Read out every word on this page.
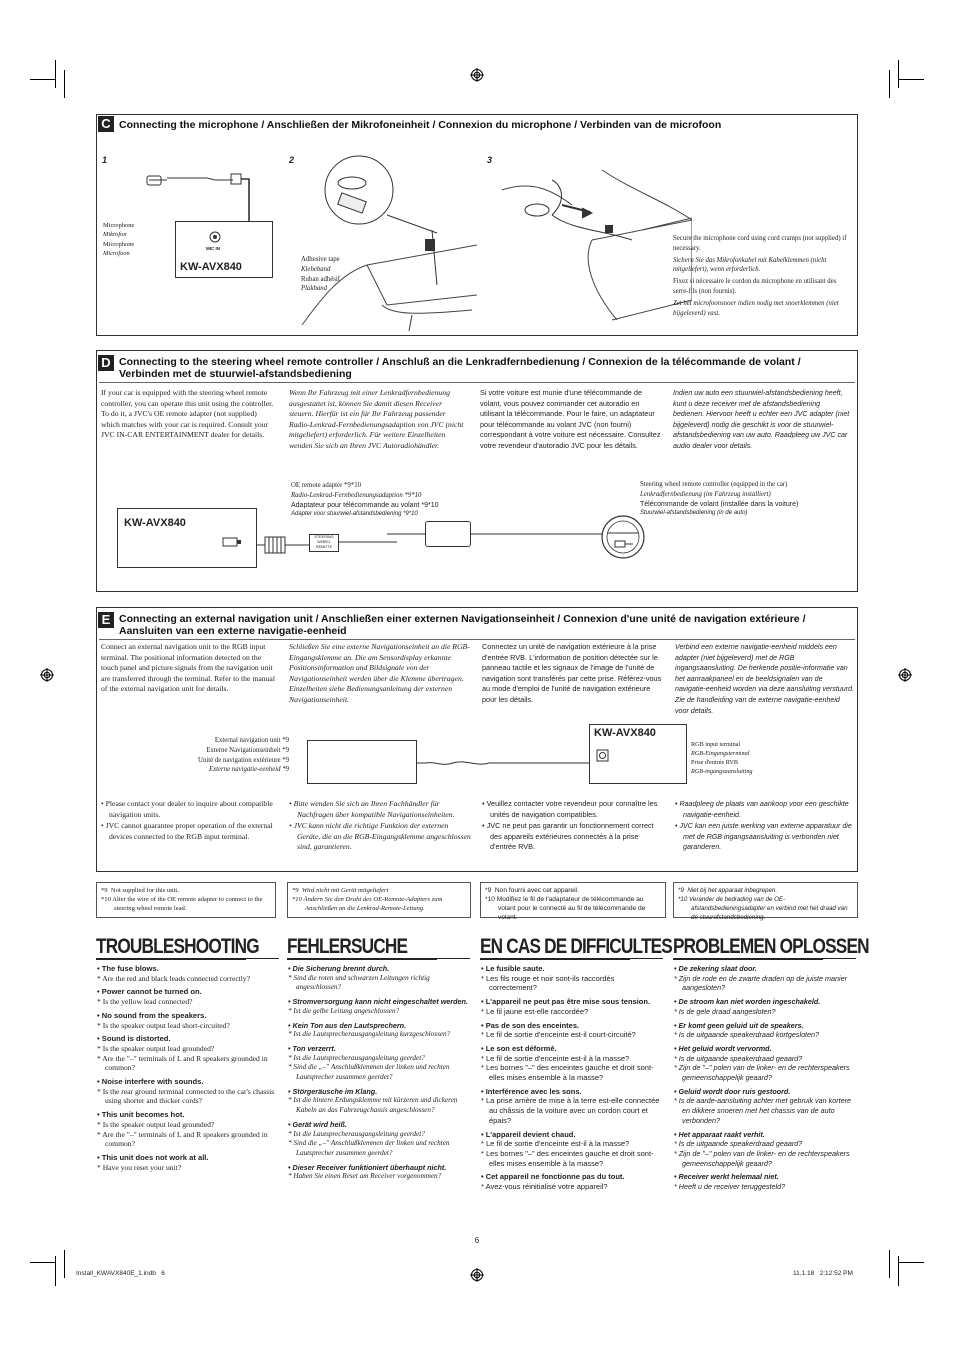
C Connecting the microphone / Anschließen der Mikrofoneinheit / Connexion du microphone / Verbinden van de microfoon
1	2	3
Microphone
Mikrofon
Microphone
Microfoon
MIC IN
KW-AVX840
Adhesive tape
Klebeband
Ruban adhésif
Plakband
Secure the microphone cord using cord cramps (not supplied) if necessary.
Sichern Sie das Mikrofonkabel mit Kabelklemmen (nicht mitgeliefert), wenn erforderlich.
Fixez si nécessaire le cordon du microphone en utilisant des serre-fils (non fournis).
Zet het microfoonsnoer indien nodig met snoerklemmen (niet bijgeleverd) vast.
D Connecting to the steering wheel remote controller / Anschluß an die Lenkradfernbedienung / Connexion de la télécommande de volant /
Verbinden met de stuurwiel-afstandsbediening
If your car is equipped with the steering wheel remote controller, you can operate this unit using the controller. To do it, a JVC's OE remote adapter (not supplied) which matches with your car is required. Consult your JVC IN-CAR ENTERTAINMENT dealer for details.
Wenn Ihr Fahrzeug mit einer Lenkradfernbedienung ausgestattet ist, können Sie damit diesen Receiver steuern. Hierfür ist ein für Ihr Fahrzeug passender Radio-Lenkrad-Fernbedienungsadaption von JVC (nicht mitgeliefert) erforderlich. Für weitere Einzelheiten wenden Sie sich an Ihren JVC Autoradiohändler.
Si votre voiture est munie d'une télécommande de volant, vous pouvez commander cet autoradio en utilisant la télécommande. Pour le faire, un adaptateur pour télécommande au volant JVC (non fourni) correspondant à votre voiture est nécessaire. Consultez votre revendeur d'autoradio JVC pour les détails.
Indien uw auto een stuurwiel-afstandsbediening heeft, kunt u deze receiver met de afstandsbediening bedienen. Hiervoor heeft u echter een JVC adapter (niet bijgeleverd) nodig die geschikt is voor de stuurwiel-afstandsbediening van uw auto. Raadpleeg uw JVC car audio dealer voor details.
KW-AVX840
STEERING
WHEEL
REMOTE
OE remote adapter *9*10
Radio-Lenkrad-Fernbedienungsadaption *9*10
Adaptateur pour télécommande au volant *9*10
Adapter voor stuurwiel-afstandsbediening *9*10
Steering wheel remote controller (equipped in the car)
Lenkradfernbedienung (im Fahrzeug installiert)
Télécommande de volant (installée dans la voiture)
Stuurwiel-afstandsbediening (in de auto)
E Connecting an external navigation unit / Anschließen einer externen Navigationseinheit / Connexion d'une unité de navigation extérieure /
Aansluiten van een externe navigatie-eenheid
Connect an external navigation unit to the RGB input terminal. The positional information detected on the touch panel and picture signals from the navigation unit are transferred through the terminal. Refer to the manual of the external navigation unit for details.
Schließen Sie eine externe Navigationseinheit an die RGB-Eingangsklemme an. Die am Sensordisplay erkannte Positionsinformation und Bildsignale von der Navigationseinheit werden über die Klemme übertragen. Einzelheiten siehe Bedienungsanleitung der externen Navigationseinheit.
Connectez un unité de navigation extérieure à la prise d'entrée RVB. L'information de position détectée sur le panneau tactile et les signaux de l'image de l'unité de navigation sont transférés par cette prise. Référez-vous au mode d'emploi de l'unité de navigation extérieure pour les détails.
Verbind een externe navigatie-eenheid middels een adapter (niet bijgeleverd) met de RGB ingangsaansluiting. De herkende positie-informatie van het aanraakpaneel en de beeldsignalen van de navigatie-eenheid worden via deze aansluiting verstuurd. Zie de handleiding van de externe navigatie-eenheid voor details.
External navigation unit *9
Externe Navigationseinheit *9
Unité de navigation extérieure *9
Externe navigatie-eenheid *9
KW-AVX840
RGB input terminal
RGB-Eingangsterminal
Prise d'entrée RVB
RGB-ingangsaansluiting
• Please contact your dealer to inquire about compatible navigation units.
• JVC cannot guarantee proper operation of the external devices connected to the RGB input terminal.
• Bitte wenden Sie sich an Ihren Fachhändler für Nachfragen über kompatible Navigationseinheiten.
• JVC kann nicht die richtige Funktion der externen Geräte, die an die RGB-Eingangsklemme angeschlossen sind, garantieren.
• Veuillez contacter votre revendeur pour connaître les unités de navigation compatibles.
• JVC ne peut pas garantir un fonctionnement correct des appareils extérieures connectés à la prise d'entrée RVB.
• Raadpleeg de plaats van aankoop voor een geschikte navigatie-eenheid.
• JVC kan een juiste werking van externe apparatuur die met de RGB ingangsaansluiting is verbonden niet garanderen.
*9 Not supplied for this unit.
*10 Alter the wire of the OE remote adapter to connect to the steering wheel remote lead.
*9 Wird nicht mit Gerät mitgeliefert
*10 Ändern Sie den Draht des OE-Remote-Adapters zum Anschließen an die Lenkrad-Remote-Leitung.
*9 Non fourni avec cet appareil.
*10 Modifiez le fil de l'adaptateur de télécommande au volant pour le connecté au fil de télécommande de volant.
*9 Niet bij het apparaat inbegrepen.
*10 Verander de bedrading van de OE-afstandsbedieningsadapter en verbind met het draad van de stuurafstandsbediening.
TROUBLESHOOTING
• The fuse blows.
* Are the red and black leads connected correctly?
• Power cannot be turned on.
* Is the yellow lead connected?
• No sound from the speakers.
* Is the speaker output lead short-circuited?
• Sound is distorted.
* Is the speaker output lead grounded?
* Are the "–" terminals of L and R speakers grounded in common?
• Noise interfere with sounds.
* Is the rear ground terminal connected to the car's chassis using shorter and thicker cords?
• This unit becomes hot.
* Is the speaker output lead grounded?
* Are the "–" terminals of L and R speakers grounded in common?
• This unit does not work at all.
* Have you reset your unit?
FEHLERSUCHE
• Die Sicherung brennt durch.
* Sind die roten und schwarzen Leitungen richtig angeschlossen?
• Stromversorgung kann nicht eingeschaltet werden.
* Ist die gelbe Leitung angeschlossen?
• Kein Ton aus den Lautsprechern.
* Ist die Lautsprecherausgangsleitung kurzgeschlossen?
• Ton verzerrt.
* Ist die Lautsprecherausgangsleitung geerdet?
* Sind die „–" Anschlußklemmen der linken und rechten Lautsprecher zusammen geerdet?
• Störgeräusche im Klang.
* Ist die hintere Erdungsklemme mit kürzeren und dickeren Kabeln an das Fahrzeugchassis angeschlossen?
• Gerät wird heiß.
* Ist die Lautsprecherausgangsleitung geerdet?
* Sind die „–" Anschlußklemmen der linken und rechten Lautsprecher zusammen geerdet?
• Dieser Receiver funktioniert überhaupt nicht.
* Haben Sie einen Reset am Receiver vorgenommen?
EN CAS DE DIFFICULTES
• Le fusible saute.
* Les fils rouge et noir sont-ils raccordés correctement?
• L'appareil ne peut pas être mise sous tension.
* Le fil jaune est-elle raccordée?
• Pas de son des enceintes.
* Le fil de sortie d'enceinte est-il court-circuité?
• Le son est déformé.
* Le fil de sortie d'enceinte est-il à la masse?
* Les bornes "–" des enceintes gauche et droit sont-elles mises ensemble à la masse?
• Interférence avec les sons.
* La prise arrière de mise à la terre est-elle connectée au châssis de la voiture avec un cordon court et épais?
• L'appareil devient chaud.
* Le fil de sortie d'enceinte est-il à la masse?
* Les bornes "–" des enceintes gauche et droit sont-elles mises ensemble à la masse?
• Cet appareil ne fonctionne pas du tout.
* Avez-vous réinitialisé votre appareil?
PROBLEMEN OPLOSSEN
• De zekering slaat door.
* Zijn de rode en de zwarte draden op de juiste manier aangesloten?
• De stroom kan niet worden ingeschakeld.
* Is de gele draad aangesloten?
• Er komt geen geluid uit de speakers.
* Is de uitgaande speakerdraad kortgesloten?
• Het geluid wordt vervormd.
* Is de uitgaande speakerdraad geaard?
* Zijn de "–" polen van de linker- en de rechterspeakers gemeenschappelijk geaard?
• Geluid wordt door ruis gestoord.
* Is de aarde-aansluiting achter met gebruik van kortere en dikkere snoeren met het chassis van de auto verbonden?
• Het apparaat raakt verhit.
* Is de uitgaande speakerdraad geaard?
* Zijn de "–" polen van de linker- en de rechterspeakers gemeenschappelijk geaard?
• Receiver werkt helemaal niet.
* Heeft u de receiver teruggesteld?
6
Install_KWAVX840E_1.indb   6	11.1.18   2:12:52 PM
